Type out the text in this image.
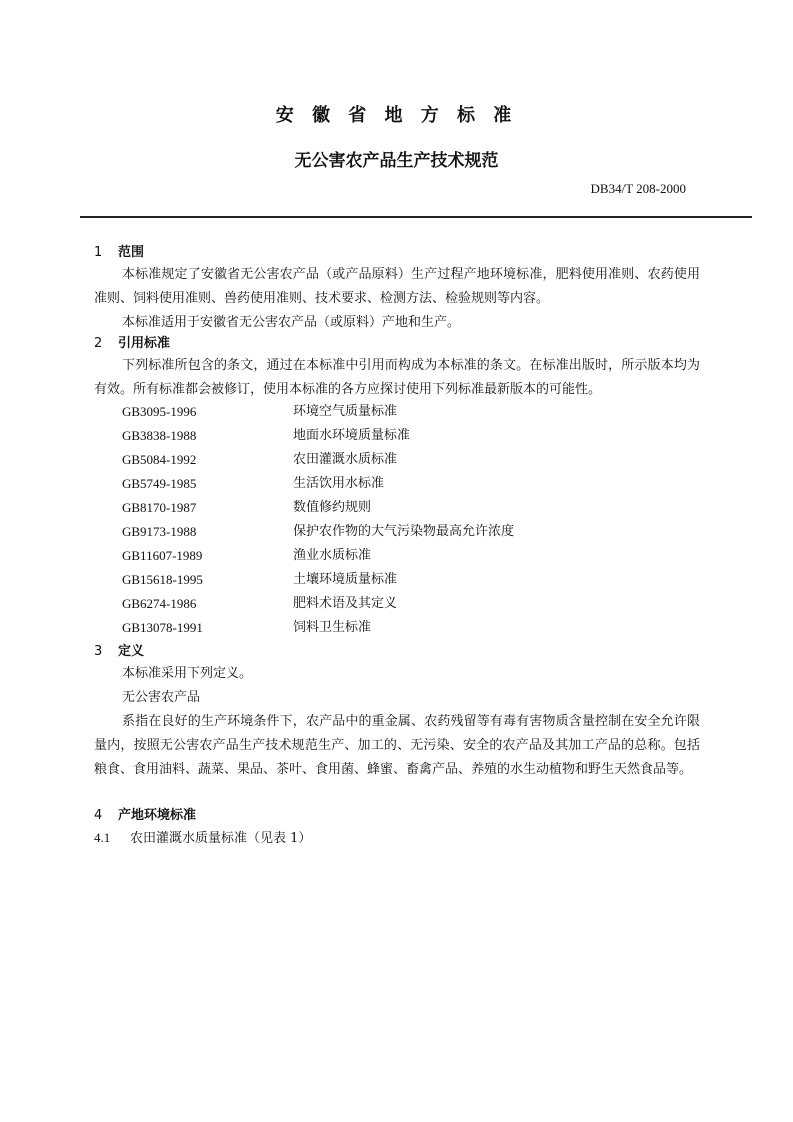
安 徽 省 地 方 标 准
无公害农产品生产技术规范
DB34/T 208-2000
1 范围
本标准规定了安徽省无公害农产品（或产品原料）生产过程产地环境标准，肥料使用准则、农药使用准则、饲料使用准则、兽药使用准则、技术要求、检测方法、检验规则等内容。
本标准适用于安徽省无公害农产品（或原料）产地和生产。
2 引用标准
下列标准所包含的条文，通过在本标准中引用而构成为本标准的条文。在标准出版时，所示版本均为有效。所有标准都会被修订，使用本标准的各方应探讨使用下列标准最新版本的可能性。
GB3095-1996	环境空气质量标准
GB3838-1988	地面水环境质量标准
GB5084-1992	农田灌溉水质标准
GB5749-1985	生活饮用水标准
GB8170-1987	数值修约规则
GB9173-1988	保护农作物的大气污染物最高允许浓度
GB11607-1989	渔业水质标准
GB15618-1995	土壤环境质量标准
GB6274-1986	肥料术语及其定义
GB13078-1991	饲料卫生标准
3 定义
本标准采用下列定义。
无公害农产品
系指在良好的生产环境条件下，农产品中的重金属、农药残留等有毒有害物质含量控制在安全允许限量内，按照无公害农产品生产技术规范生产、加工的、无污染、安全的农产品及其加工产品的总称。包括粮食、食用油料、蔬菜、果品、茶叶、食用菌、蜂蜜、畜禽产品、养殖的水生动植物和野生天然食品等。
4 产地环境标准
4.1 农田灌溉水质量标准（见表 1）
